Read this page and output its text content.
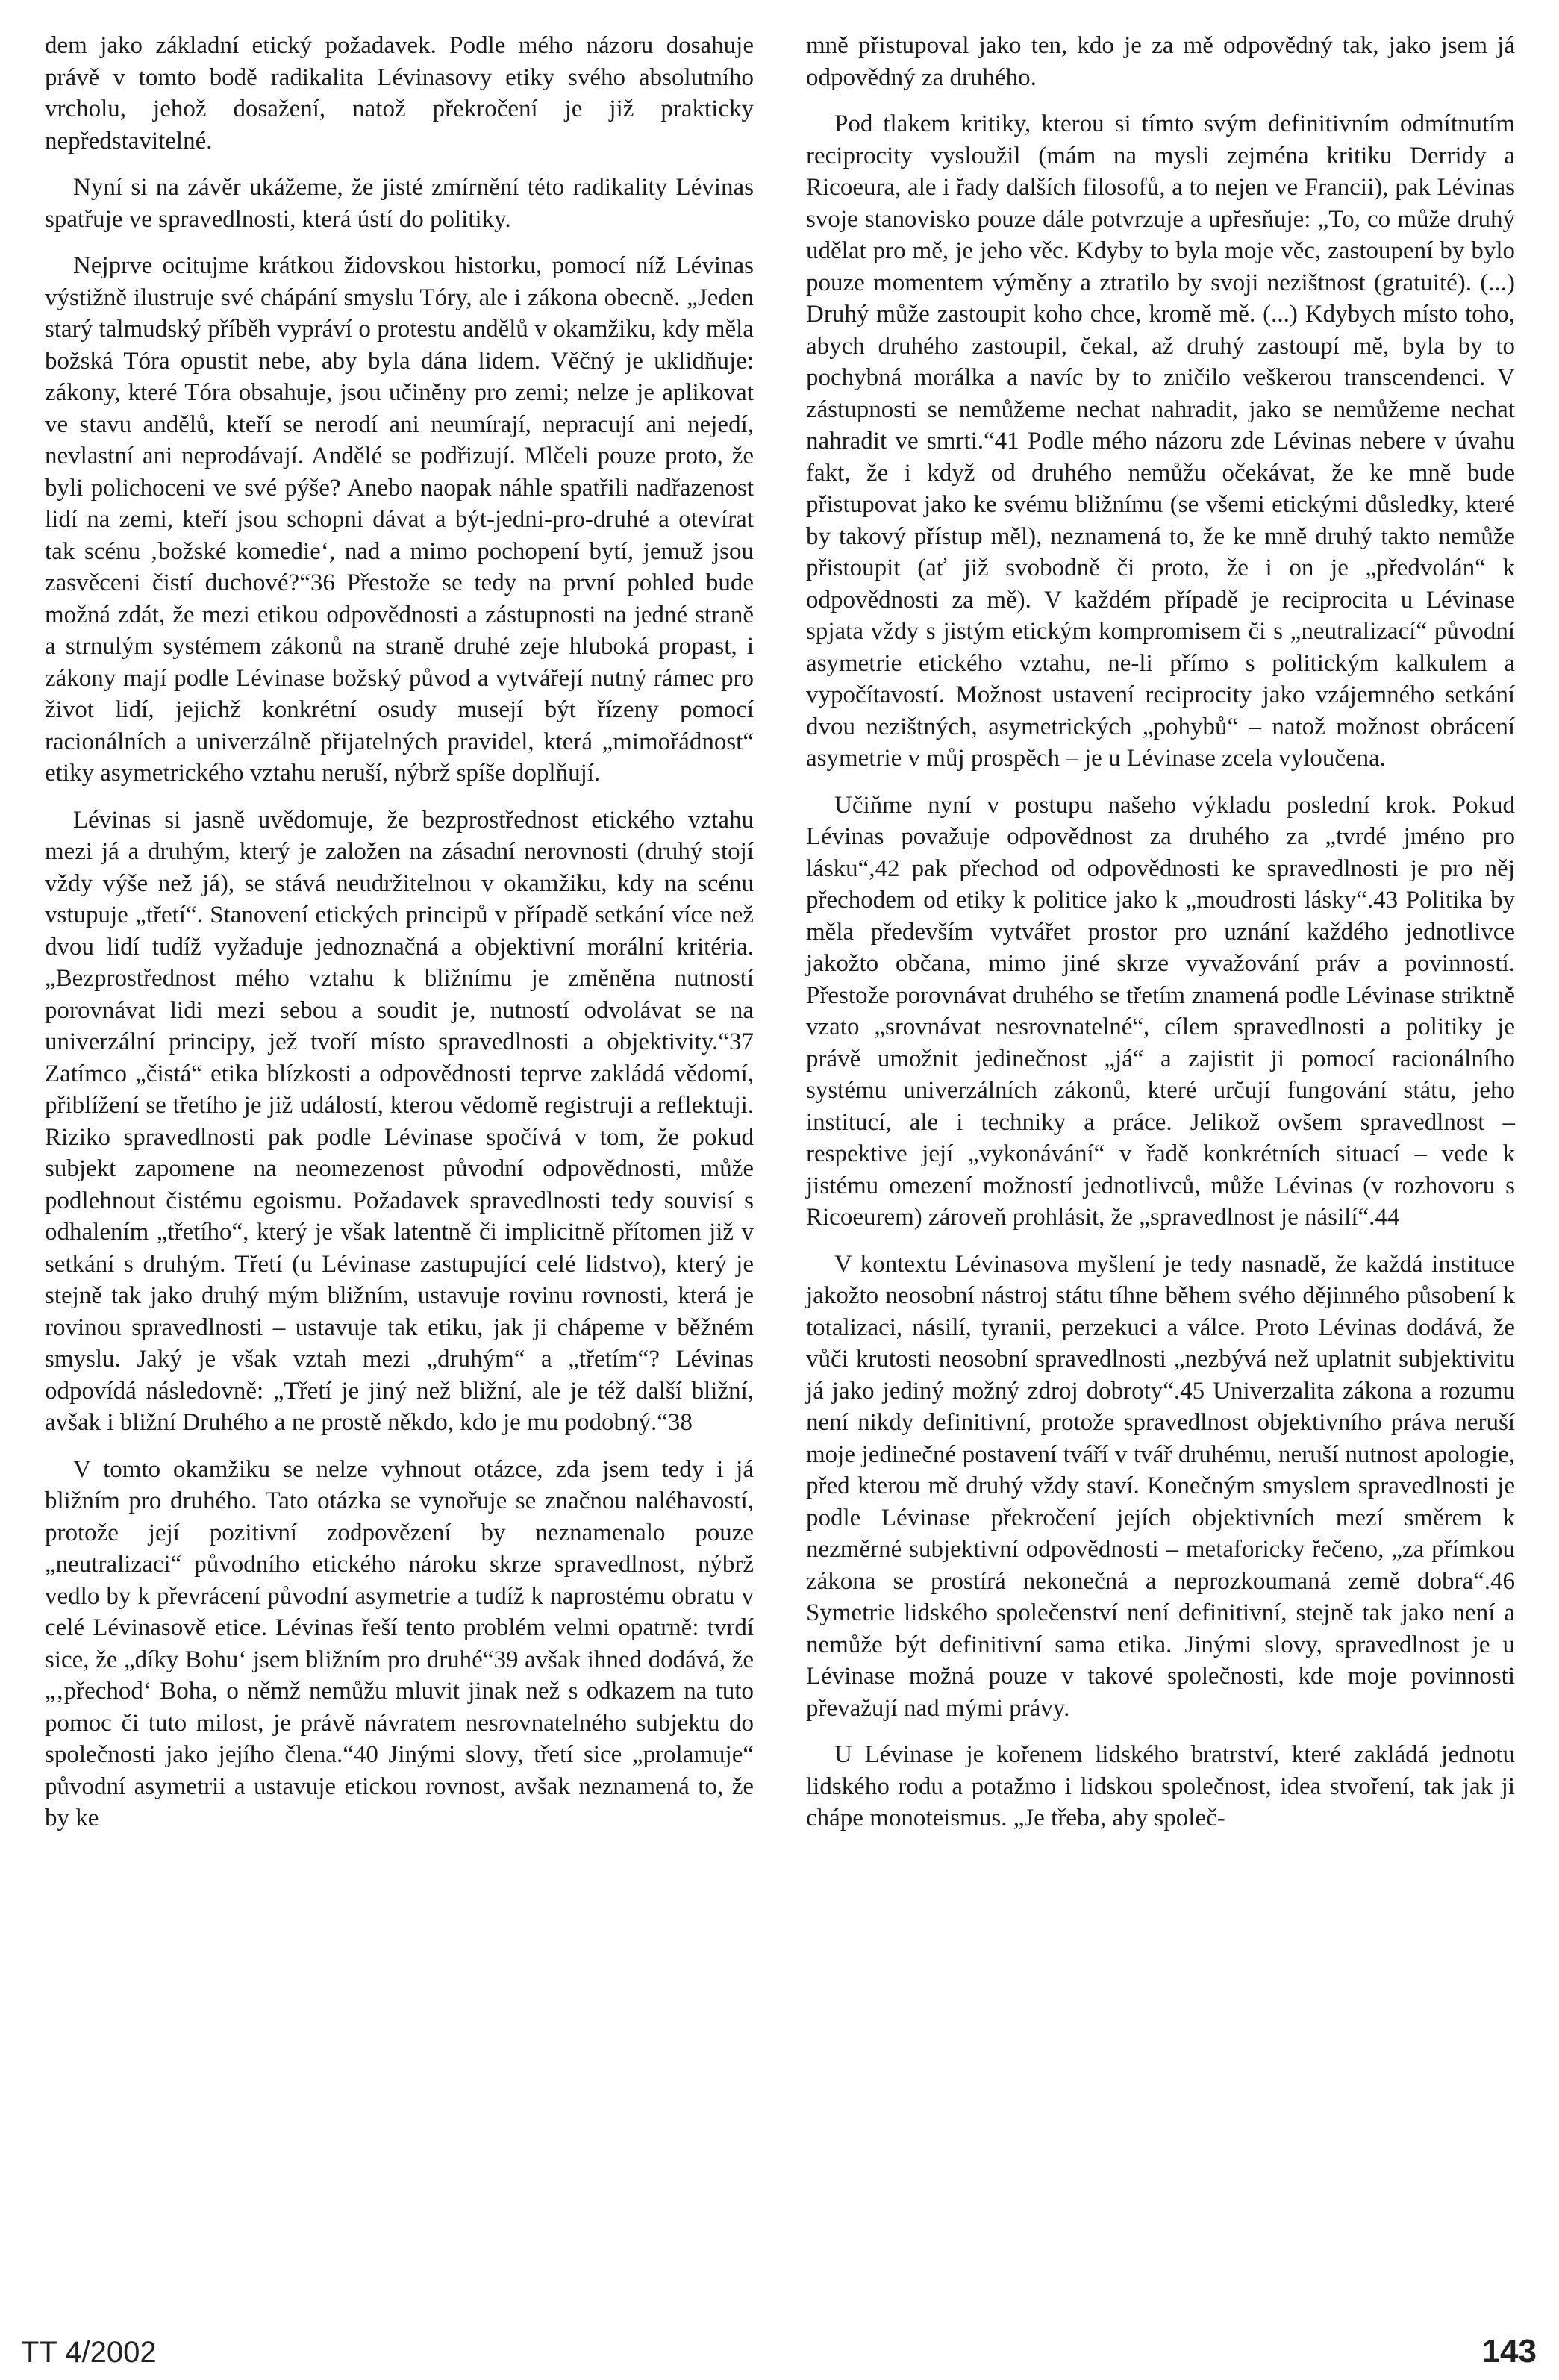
dem jako základní etický požadavek. Podle mého názoru dosahuje právě v tomto bodě radikalita Lévinasovy etiky svého absolutního vrcholu, jehož dosažení, natož překročení je již prakticky nepředstavitelné.

Nyní si na závěr ukážeme, že jisté zmírnění této radikality Lévinas spatřuje ve spravedlnosti, která ústí do politiky.

Nejprve ocitujme krátkou židovskou historku, pomocí níž Lévinas výstižně ilustruje své chápání smyslu Tóry, ale i zákona obecně. „Jeden starý talmudský příběh vypráví o protestu andělů v okamžiku, kdy měla božská Tóra opustit nebe, aby byla dána lidem. Věčný je uklidňuje: zákony, které Tóra obsahuje, jsou učiněny pro zemi; nelze je aplikovat ve stavu andělů, kteří se nerodí ani neumírají, nepracují ani nejedí, nevlastní ani neprodávají. Andělé se podřizují. Mlčeli pouze proto, že byli polichoceni ve své pýše? Anebo naopak náhle spatřili nadřazenost lidí na zemi, kteří jsou schopni dávat a být-jedni-pro-druhé a otevírat tak scénu ‚božské komedie‘, nad a mimo pochopení bytí, jemuž jsou zasvěceni čistí duchové?“36 Přestože se tedy na první pohled bude možná zdát, že mezi etikou odpovědnosti a zástupnosti na jedné straně a strnulým systémem zákonů na straně druhé zeje hluboká propast, i zákony mají podle Lévinase božský původ a vytvářejí nutný rámec pro život lidí, jejichž konkrétní osudy musejí být řízeny pomocí racionálních a univerzálně přijatelných pravidel, která „mimořádnost“ etiky asymetrického vztahu neruší, nýbrž spíše doplňují.

Lévinas si jasně uvědomuje, že bezprostřednost etického vztahu mezi já a druhým, který je založen na zásadní nerovnosti (druhý stojí vždy výše než já), se stává neudržitelnou v okamžiku, kdy na scénu vstupuje „třetí“. Stanovení etických principů v případě setkání více než dvou lidí tudíž vyžaduje jednoznačná a objektivní morální kritéria. „Bezprostřednost mého vztahu k bližnímu je změněna nutností porovnávat lidi mezi sebou a soudit je, nutností odvolávat se na univerzální principy, jež tvoří místo spravedlnosti a objektivity.“37 Zatímco „čistá“ etika blízkosti a odpovědnosti teprve zakládá vědomí, přiblížení se třetího je již událostí, kterou vědomě registruji a reflektuji. Riziko spravedlnosti pak podle Lévinase spočívá v tom, že pokud subjekt zapomene na neomezenost původní odpovědnosti, může podlehnout čistému egoismu. Požadavek spravedlnosti tedy souvisí s odhalením „třetího“, který je však latentně či implicitně přítomen již v setkání s druhým. Třetí (u Lévinase zastupující celé lidstvo), který je stejně tak jako druhý mým bližním, ustavuje rovinu rovnosti, která je rovinou spravedlnosti – ustavuje tak etiku, jak ji chápeme v běžném smyslu. Jaký je však vztah mezi „druhým“ a „třetím“? Lévinas odpovídá následovně: „Třetí je jiný než bližní, ale je též další bližní, avšak i bližní Druhého a ne prostě někdo, kdo je mu podobný.“38

V tomto okamžiku se nelze vyhnout otázce, zda jsem tedy i já bližním pro druhého. Tato otázka se vynořuje se značnou naléhavostí, protože její pozitivní zodpovězení by neznamenalo pouze „neutralizaci“ původního etického nároku skrze spravedlnost, nýbrž vedlo by k převrácení původní asymetrie a tudíž k naprostému obratu v celé Lévinasově etice. Lévinas řeší tento problém velmi opatrně: tvrdí sice, že „díky Bohu‘ jsem bližním pro druhé“39 avšak ihned dodává, že „‚přechod‘ Boha, o němž nemůžu mluvit jinak než s odkazem na tuto pomoc či tuto milost, je právě návratem nesrovnatelného subjektu do společnosti jako jejího člena.“40 Jinými slovy, třetí sice „prolamuje“ původní asymetrii a ustavuje etickou rovnost, avšak neznamená to, že by ke

mně přistupoval jako ten, kdo je za mě odpovědný tak, jako jsem já odpovědný za druhého.

Pod tlakem kritiky, kterou si tímto svým definitivním odmítnutím reciprocity vysloužil (mám na mysli zejména kritiku Derridy a Ricoeura, ale i řady dalších filosofů, a to nejen ve Francii), pak Lévinas svoje stanovisko pouze dále potvrzuje a upřesňuje: „To, co může druhý udělat pro mě, je jeho věc. Kdyby to byla moje věc, zastoupení by bylo pouze momentem výměny a ztratilo by svoji nezištnost (gratuité). (...) Druhý může zastoupit koho chce, kromě mě. (...) Kdybych místo toho, abych druhého zastoupil, čekal, až druhý zastoupí mě, byla by to pochybná morálka a navíc by to zničilo veškerou transcendenci. V zástupnosti se nemůžeme nechat nahradit, jako se nemůžeme nechat nahradit ve smrti.“41 Podle mého názoru zde Lévinas nebere v úvahu fakt, že i když od druhého nemůžu očekávat, že ke mně bude přistupovat jako ke svému bližnímu (se všemi etickými důsledky, které by takový přístup měl), neznamená to, že ke mně druhý takto nemůže přistoupit (ať již svobodně či proto, že i on je „předvolán“ k odpovědnosti za mě). V každém případě je reciprocita u Lévinase spjata vždy s jistým etickým kompromisem či s „neutralizací“ původní asymetrie etického vztahu, ne-li přímo s politickým kalkulem a vypočítavostí. Možnost ustavení reciprocity jako vzájemného setkání dvou nezištných, asymetrických „pohybů“ – natož možnost obrácení asymetrie v můj prospěch – je u Lévinase zcela vyloučena.

Učiňme nyní v postupu našeho výkladu poslední krok. Pokud Lévinas považuje odpovědnost za druhého za „tvrdé jméno pro lásku“,42 pak přechod od odpovědnosti ke spravedlnosti je pro něj přechodem od etiky k politice jako k „moudrosti lásky“.43 Politika by měla především vytvářet prostor pro uznání každého jednotlivce jakožto občana, mimo jiné skrze vyvažování práv a povinností. Přestože porovnávat druhého se třetím znamená podle Lévinase striktně vzato „srovnávat nesrovnatelné“, cílem spravedlnosti a politiky je právě umožnit jedinečnost „já“ a zajistit ji pomocí racionálního systému univerzálních zákonů, které určují fungování státu, jeho institucí, ale i techniky a práce. Jelikož ovšem spravedlnost – respektive její „vykonávání“ v řadě konkrétních situací – vede k jistému omezení možností jednotlivců, může Lévinas (v rozhovoru s Ricoeurem) zároveň prohlásit, že „spravedlnost je násilí“.44

V kontextu Lévinasova myšlení je tedy nasnadě, že každá instituce jakožto neosobní nástroj státu tíhne během svého dějinného působení k totalizaci, násilí, tyranii, perzekuci a válce. Proto Lévinas dodává, že vůči krutosti neosobní spravedlnosti „nezbývá než uplatnit subjektivitu já jako jediný možný zdroj dobroty“.45 Univerzalita zákona a rozumu není nikdy definitivní, protože spravedlnost objektivního práva neruší moje jedinečné postavení tváří v tvář druhému, neruší nutnost apologie, před kterou mě druhý vždy staví. Konečným smyslem spravedlnosti je podle Lévinase překročení jejích objektivních mezí směrem k nezměrné subjektivní odpovědnosti – metaforicky řečeno, „za přímkou zákona se prostírá nekonečná a neprozkoumaná země dobra“.46 Symetrie lidského společenství není definitivní, stejně tak jako není a nemůže být definitivní sama etika. Jinými slovy, spravedlnost je u Lévinase možná pouze v takové společnosti, kde moje povinnosti převažují nad mými právy.

U Lévinase je kořenem lidského bratrství, které zakládá jednotu lidského rodu a potažmo i lidskou společnost, idea stvoření, tak jak ji chápe monoteismus. „Je třeba, aby společ-

TT 4/2002	143
